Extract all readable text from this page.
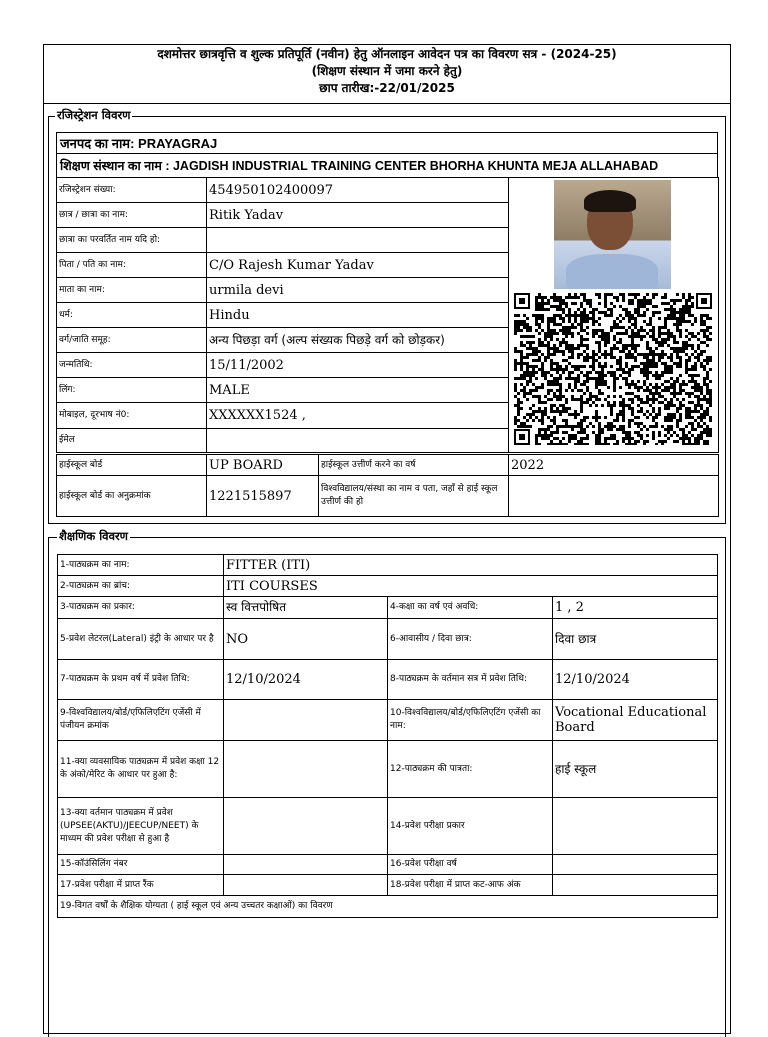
दशमोत्तर छात्रवृत्ति व शुल्क प्रतिपूर्ति (नवीन) हेतु ऑनलाइन आवेदन पत्र का विवरण सत्र - (2024-25)
(शिक्षण संस्थान में जमा करने हेतु)
छाप तारीख:-22/01/2025
रजिस्ट्रेशन विवरण
जनपद का नाम: PRAYAGRAJ
शिक्षण संस्थान का नाम : JAGDISH INDUSTRIAL TRAINING CENTER BHORHA KHUNTA MEJA ALLAHABAD
रजिस्ट्रेशन संख्या:	454950102400097	
छात्र / छात्रा का नाम:	Ritik Yadav	
छात्रा का परवर्तित नाम यदि हो:		
पिता / पति का नाम:	C/O Rajesh Kumar Yadav	
माता का नाम:	urmila devi	
धर्म:	Hindu	
वर्ग/जाति समूह:	अन्य पिछड़ा वर्ग (अल्प संख्यक पिछड़े वर्ग को छोड़कर)	
जन्मतिथि:	15/11/2002	
लिंग:	MALE	
मोबाइल, दूरभाष नं0:	XXXXXX1524 ,	
ईमेल		
हाईस्कूल बोर्ड	UP BOARD	हाईस्कूल उत्तीर्ण करने का वर्ष	2022
हाईस्कूल बोर्ड का अनुक्रमांक	1221515897	विश्वविद्यालय/संस्था का नाम व पता, जहाँ से हाई स्कूल उत्तीर्ण की हो	
शैक्षणिक विवरण
1-पाठ्यक्रम का नाम:	FITTER (ITI)		
2-पाठ्यक्रम का ब्रांच:	ITI COURSES		
3-पाठ्यक्रम का प्रकार:	स्व वित्तपोषित	4-कक्षा का वर्ष एवं अवधि:	1 , 2
5-प्रवेश लेटरल(Lateral) इंट्री के आधार पर है	NO	6-आवासीय / दिवा छात्र:	दिवा छात्र
7-पाठ्यक्रम के प्रथम वर्ष में प्रवेश तिथि:	12/10/2024	8-पाठ्यक्रम के वर्तमान सत्र में प्रवेश तिथि:	12/10/2024
9-विश्वविद्यालय/बोर्ड/एफिलिएटिंग एजेंसी में पंजीयन क्रमांक		10-विश्वविद्यालय/बोर्ड/एफिलिएटिंग एजेंसी का नाम:	Vocational Educational Board
11-क्या व्यवसायिक पाठ्यक्रम में प्रवेश कक्षा 12 के अंको/मेरिट के आधार पर हुआ है:		12-पाठ्यक्रम की पात्रता:	हाई स्कूल
13-क्या वर्तमान पाठ्यक्रम में प्रवेश (UPSEE(AKTU)/JEECUP/NEET) के माध्यम की प्रवेश परीक्षा से हुआ है		14-प्रवेश परीक्षा प्रकार	
15-कॉउंसिलिंग नंबर		16-प्रवेश परीक्षा वर्ष	
17-प्रवेश परीक्षा में प्राप्त रैंक		18-प्रवेश परीक्षा में प्राप्त कट-आफ अंक	
19-विगत वर्षों के शैक्षिक योग्यता ( हाई स्कूल एवं अन्य उच्चतर कक्षाओं) का विवरण			
